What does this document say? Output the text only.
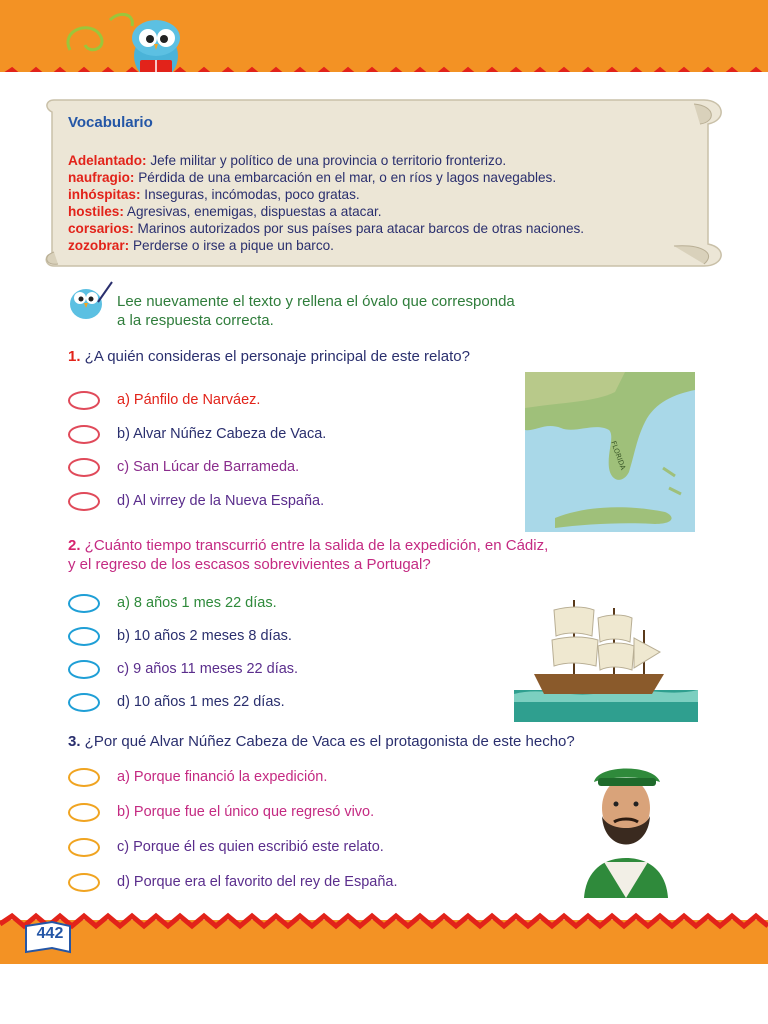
Vocabulario
Adelantado: Jefe militar y político de una provincia o territorio fronterizo.
naufragio: Pérdida de una embarcación en el mar, o en ríos y lagos navegables.
inhóspitas: Inseguras, incómodas, poco gratas.
hostiles: Agresivas, enemigas, dispuestas a atacar.
corsarios: Marinos autorizados por sus países para atacar barcos de otras naciones.
zozobrar: Perderse o irse a pique un barco.
Lee nuevamente el texto y rellena el óvalo que corresponda
a la respuesta correcta.
1. ¿A quién consideras el personaje principal de este relato?
a) Pánfilo de Narváez.
b) Alvar Núñez Cabeza de Vaca.
c) San Lúcar de Barrameda.
d) Al virrey de la Nueva España.
FLORIDA
2. ¿Cuánto tiempo transcurrió entre la salida de la expedición, en Cádiz,
y el regreso de los escasos sobrevivientes a Portugal?
a) 8 años 1 mes 22 días.
b) 10 años 2 meses 8 días.
c) 9 años 11 meses 22 días.
d) 10 años 1 mes 22 días.
3. ¿Por qué Alvar Núñez Cabeza de Vaca es el protagonista de este hecho?
a) Porque financió la expedición.
b) Porque fue el único que regresó vivo.
c) Porque él es quien escribió este relato.
d) Porque era el favorito del rey de España.
442
